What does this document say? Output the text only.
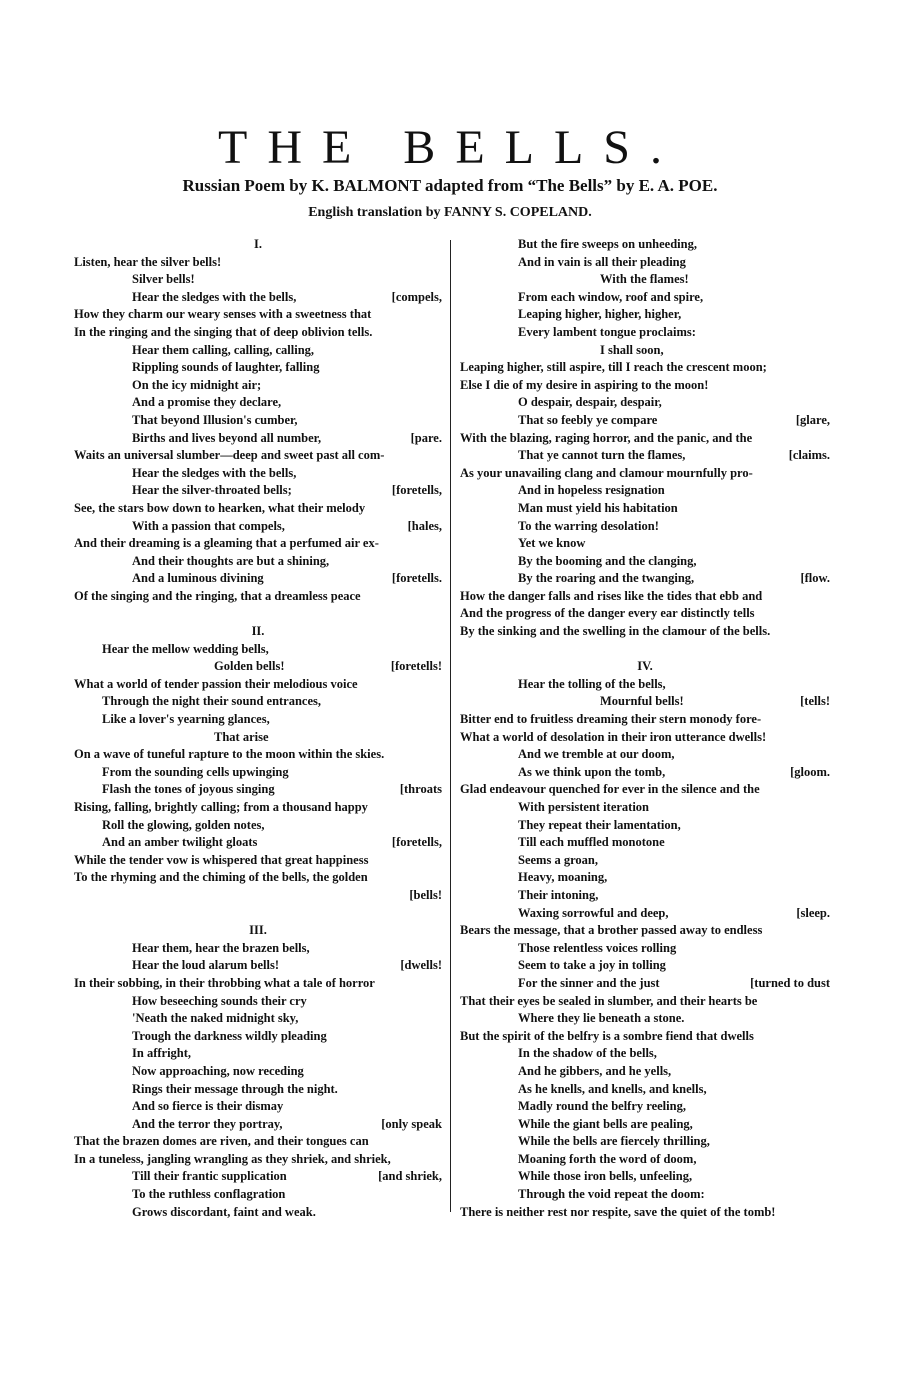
THE BELLS.
Russian Poem by K. BALMONT adapted from “The Bells” by E. A. POE.
English translation by FANNY S. COPELAND.
I.
Listen, hear the silver bells!
Silver bells!
[compels,
Hear the sledges with the bells,
How they charm our weary senses with a sweetness that
In the ringing and the singing that of deep oblivion tells.
Hear them calling, calling, calling,
Rippling sounds of laughter, falling
On the icy midnight air;
And a promise they declare,
That beyond Illusion's cumber,
[pare.
Births and lives beyond all number,
Waits an universal slumber—deep and sweet past all com-
Hear the sledges with the bells,
[foretells,
Hear the silver-throated bells;
See, the stars bow down to hearken, what their melody
[hales,
With a passion that compels,
And their dreaming is a gleaming that a perfumed air ex-
And their thoughts are but a shining,
[foretells.
And a luminous divining
Of the singing and the ringing, that a dreamless peace
II.
Hear the mellow wedding bells,
[foretells!
Golden bells!
What a world of tender passion their melodious voice
Through the night their sound entrances,
Like a lover's yearning glances,
That arise
On a wave of tuneful rapture to the moon within the skies.
From the sounding cells upwinging
[throats
Flash the tones of joyous singing
Rising, falling, brightly calling; from a thousand happy
Roll the glowing, golden notes,
[foretells,
And an amber twilight gloats
While the tender vow is whispered that great happiness
To the rhyming and the chiming of the bells, the golden
[bells!
III.
Hear them, hear the brazen bells,
[dwells!
Hear the loud alarum bells!
In their sobbing, in their throbbing what a tale of horror
How beseeching sounds their cry
'Neath the naked midnight sky,
Trough the darkness wildly pleading
In affright,
Now approaching, now receding
Rings their message through the night.
And so fierce is their dismay
[only speak
And the terror they portray,
That the brazen domes are riven, and their tongues can
In a tuneless, jangling wrangling as they shriek, and shriek,
[and shriek,
Till their frantic supplication
To the ruthless conflagration
Grows discordant, faint and weak.
But the fire sweeps on unheeding,
And in vain is all their pleading
With the flames!
From each window, roof and spire,
Leaping higher, higher, higher,
Every lambent tongue proclaims:
I shall soon,
Leaping higher, still aspire, till I reach the crescent moon;
Else I die of my desire in aspiring to the moon!
O despair, despair, despair,
[glare,
That so feebly ye compare
With the blazing, raging horror, and the panic, and the
[claims.
That ye cannot turn the flames,
As your unavailing clang and clamour mournfully pro-
And in hopeless resignation
Man must yield his habitation
To the warring desolation!
Yet we know
By the booming and the clanging,
[flow.
By the roaring and the twanging,
How the danger falls and rises like the tides that ebb and
And the progress of the danger every ear distinctly tells
By the sinking and the swelling in the clamour of the bells.
IV.
Hear the tolling of the bells,
[tells!
Mournful bells!
Bitter end to fruitless dreaming their stern monody fore-
What a world of desolation in their iron utterance dwells!
And we tremble at our doom,
[gloom.
As we think upon the tomb,
Glad endeavour quenched for ever in the silence and the
With persistent iteration
They repeat their lamentation,
Till each muffled monotone
Seems a groan,
Heavy, moaning,
Their intoning,
[sleep.
Waxing sorrowful and deep,
Bears the message, that a brother passed away to endless
Those relentless voices rolling
Seem to take a joy in tolling
[turned to dust
For the sinner and the just
That their eyes be sealed in slumber, and their hearts be
Where they lie beneath a stone.
But the spirit of the belfry is a sombre fiend that dwells
In the shadow of the bells,
And he gibbers, and he yells,
As he knells, and knells, and knells,
Madly round the belfry reeling,
While the giant bells are pealing,
While the bells are fiercely thrilling,
Moaning forth the word of doom,
While those iron bells, unfeeling,
Through the void repeat the doom:
There is neither rest nor respite, save the quiet of the tomb!
